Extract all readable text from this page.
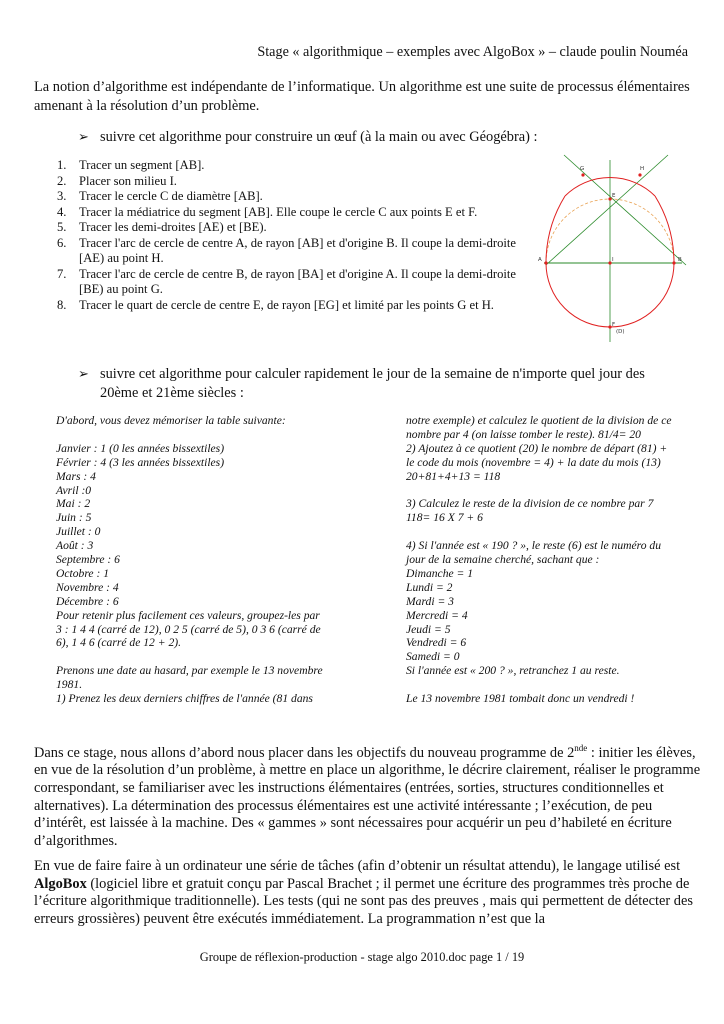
Stage « algorithmique – exemples avec AlgoBox » – claude poulin Nouméa
La notion d’algorithme est indépendante de l’informatique. Un algorithme est une suite de processus élémentaires amenant à la résolution d’un problème.
➢ suivre cet algorithme pour construire un œuf (à la main ou avec Géogébra) :
1. Tracer un segment [AB].
2. Placer son milieu I.
3. Tracer le cercle C de diamètre [AB].
4. Tracer la médiatrice du segment [AB]. Elle coupe le cercle C aux points E et F.
5. Tracer les demi-droites [AE) et [BE).
6. Tracer l'arc de cercle de centre A, de rayon [AB] et d'origine B. Il coupe la demi-droite [AE) au point H.
7. Tracer l'arc de cercle de centre B, de rayon [BA] et d'origine A. Il coupe la demi-droite [BE) au point G.
8. Tracer le quart de cercle de centre E, de rayon [EG] et limité par les points G et H.
A	B
I
E
F
G	H
(D)
➢ suivre cet algorithme pour calculer rapidement le jour de la semaine de n'importe quel jour des 20ème et 21ème siècles :
D'abord, vous devez mémoriser la table suivante:
Janvier : 1 (0 les années bissextiles)
Février : 4 (3 les années bissextiles)
Mars : 4
Avril :0
Mai : 2
Juin : 5
Juillet : 0
Août : 3
Septembre : 6
Octobre : 1
Novembre : 4
Décembre : 6
Pour retenir plus facilement ces valeurs, groupez-les par
3 : 1 4 4 (carré de 12), 0 2 5 (carré de 5), 0 3 6 (carré de
6), 1 4 6 (carré de 12 + 2).
Prenons une date au hasard, par exemple le 13 novembre
1981.
1) Prenez les deux derniers chiffres de l'année (81 dans
notre exemple) et calculez le quotient de la division de ce
nombre par 4 (on laisse tomber le reste). 81/4= 20
2) Ajoutez à ce quotient (20) le nombre de départ (81) +
le code du mois (novembre = 4) + la date du mois (13)
20+81+4+13 = 118
3) Calculez le reste de la division de ce nombre par 7
118= 16 X 7 + 6
4) Si l'année est « 190 ? », le reste (6) est le numéro du
jour de la semaine cherché, sachant que :
Dimanche = 1
Lundi = 2
Mardi = 3
Mercredi = 4
Jeudi = 5
Vendredi = 6
Samedi = 0
Si l'année est « 200 ? », retranchez 1 au reste.
Le 13 novembre 1981 tombait donc un vendredi !
Dans ce stage, nous allons d’abord nous placer dans les objectifs du nouveau programme de 2nde : initier les élèves, en vue de la résolution d’un problème, à mettre en place un algorithme, le décrire clairement, réaliser le programme correspondant, se familiariser avec les instructions élémentaires (entrées, sorties, structures conditionnelles et alternatives). La détermination des processus élémentaires est une activité intéressante ; l’exécution, de peu d’intérêt, est laissée à la machine. Des « gammes » sont nécessaires pour acquérir un peu d’habileté en écriture d’algorithmes.
En vue de faire faire à un ordinateur une série de tâches (afin d’obtenir un résultat attendu), le langage utilisé est AlgoBox (logiciel libre et gratuit conçu par Pascal Brachet ; il permet une écriture des programmes très proche de l’écriture algorithmique traditionnelle). Les tests (qui ne sont pas des preuves , mais qui permettent de détecter des erreurs grossières) peuvent être exécutés immédiatement. La programmation n’est que la
Groupe de réflexion-production - stage algo 2010.doc page 1 / 19
